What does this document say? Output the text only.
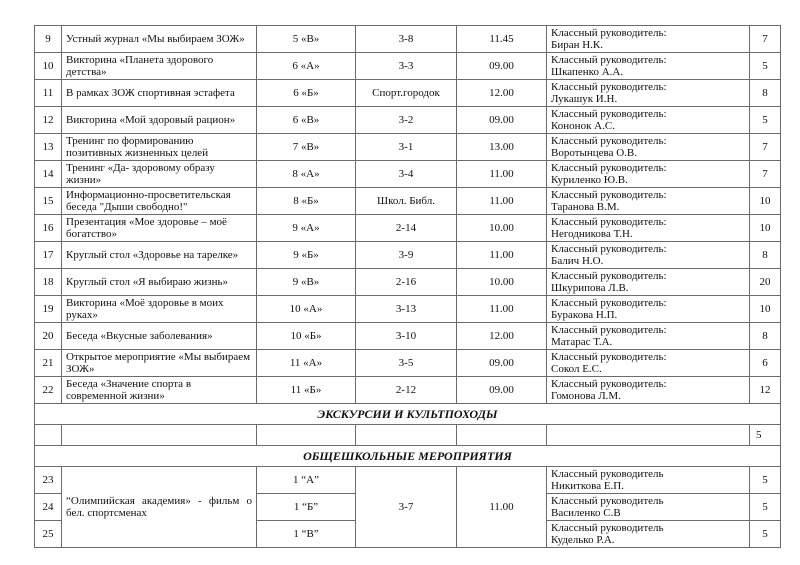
9	Устный журнал «Мы выбираем ЗОЖ»	5 «В»	3-8	11.45	Классный руководитель:
Биран Н.К.	7
10	Викторина «Планета здорового детства»	6 «А»	3-3	09.00	Классный руководитель:
Шкапенко А.А.	5
11	В рамках ЗОЖ спортивная эстафета	6 «Б»	Спорт.городок	12.00	Классный руководитель:
Лукашук И.Н.	8
12	Викторина «Мой здоровый рацион»	6 «В»	3-2	09.00	Классный руководитель:
Кононок А.С.	5
13	Тренинг по формированию позитивных жизненных целей	7 «В»	3-1	13.00	Классный руководитель:
Воротынцева О.В.	7
14	Тренинг «Да- здоровому образу жизни»	8 «А»	3-4	11.00	Классный руководитель:
Куриленко Ю.В.	7
15	Информационно-просветительская беседа "Дыши свободно!"	8 «Б»	Школ. Библ.	11.00	Классный руководитель:
Таранова В.М.	10
16	Презентация «Мое здоровье – моё богатство»	9 «А»	2-14	10.00	Классный руководитель:
Негодникова Т.Н.	10
17	Круглый стол «Здоровье на тарелке»	9 «Б»	3-9	11.00	Классный руководитель:
Балич Н.О.	8
18	Круглый стол «Я выбираю жизнь»	9 «В»	2-16	10.00	Классный руководитель:
Шкурипова Л.В.	20
19	Викторина «Моё здоровье в моих руках»	10 «А»	3-13	11.00	Классный руководитель:
Буракова Н.П.	10
20	Беседа «Вкусные заболевания»	10 «Б»	3-10	12.00	Классный руководитель:
Матарас Т.А.	8
21	Открытое мероприятие «Мы выбираем ЗОЖ»	11 «А»	3-5	09.00	Классный руководитель:
Сокол Е.С.	6
22	Беседа «Значение спорта в современной жизни»	11 «Б»	2-12	09.00	Классный руководитель:
Гомонова Л.М.	12
ЭКСКУРСИИ И КУЛЬТПОХОДЫ						
						5
ОБЩЕШКОЛЬНЫЕ МЕРОПРИЯТИЯ						
23	“Олимпийская академия» - фильм о бел. спортсменах	1 “А”	3-7	11.00	Классный руководитель
Никиткова Е.П.	5
24		1 “Б”			Классный руководитель
Василенко С.В	5
25		1 “В”			Классный руководитель
Куделько Р.А.	5
